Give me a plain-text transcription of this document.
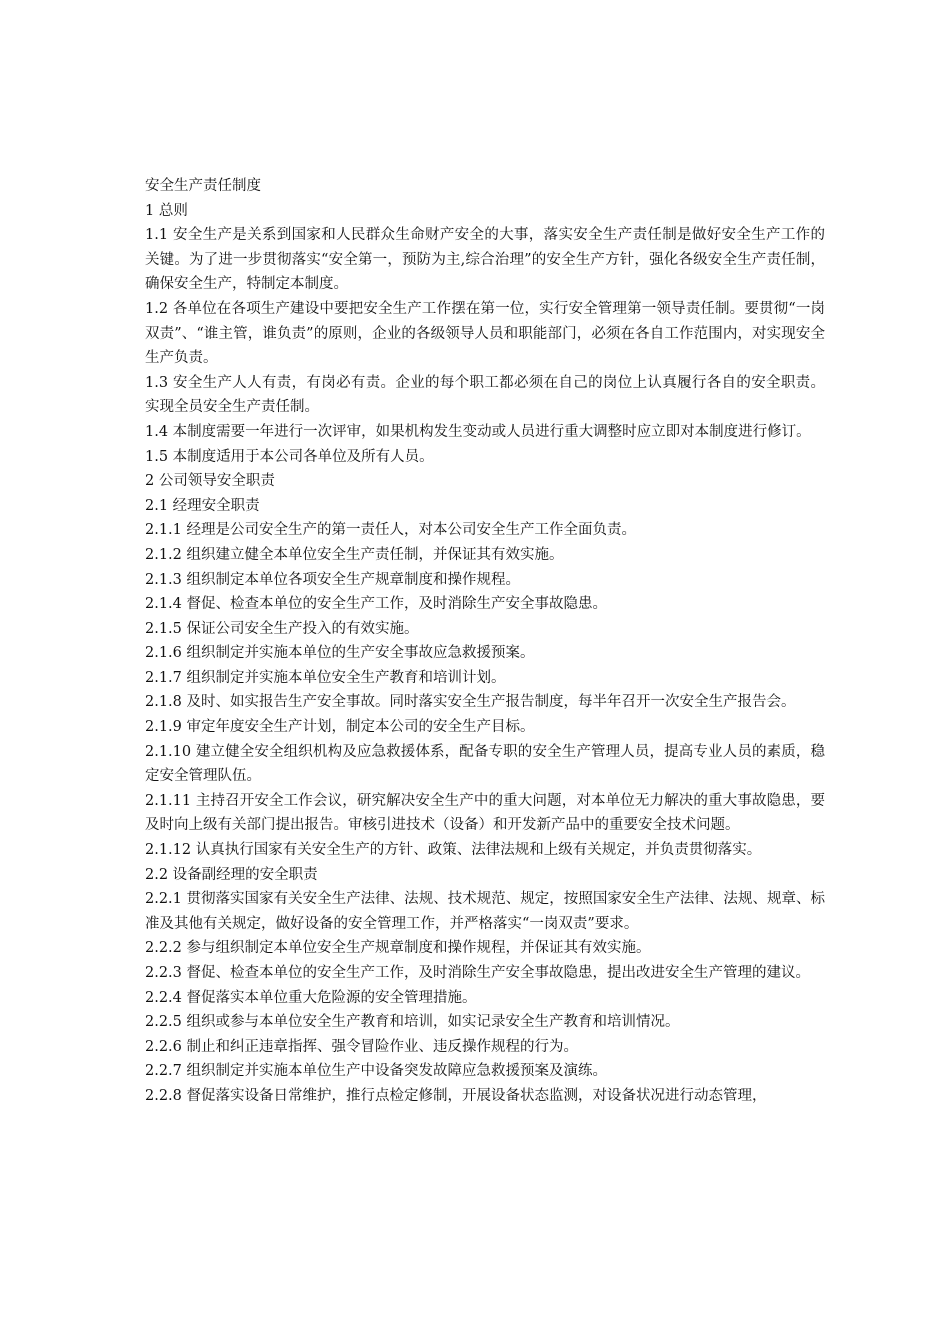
安全生产责任制度

1 总则

1.1 安全生产是关系到国家和人民群众生命财产安全的大事，落实安全生产责任制是做好安全生产工作的关键。为了进一步贯彻落实“安全第一，预防为主,综合治理”的安全生产方针，强化各级安全生产责任制，确保安全生产，特制定本制度。

1.2 各单位在各项生产建设中要把安全生产工作摆在第一位，实行安全管理第一领导责任制。要贯彻“一岗双责”、“谁主管，谁负责”的原则，企业的各级领导人员和职能部门，必须在各自工作范围内，对实现安全生产负责。

1.3 安全生产人人有责，有岗必有责。企业的每个职工都必须在自己的岗位上认真履行各自的安全职责。实现全员安全生产责任制。

1.4 本制度需要一年进行一次评审，如果机构发生变动或人员进行重大调整时应立即对本制度进行修订。

1.5 本制度适用于本公司各单位及所有人员。

2 公司领导安全职责

2.1 经理安全职责

2.1.1 经理是公司安全生产的第一责任人，对本公司安全生产工作全面负责。

2.1.2 组织建立健全本单位安全生产责任制，并保证其有效实施。

2.1.3 组织制定本单位各项安全生产规章制度和操作规程。

2.1.4 督促、检查本单位的安全生产工作，及时消除生产安全事故隐患。

2.1.5 保证公司安全生产投入的有效实施。

2.1.6 组织制定并实施本单位的生产安全事故应急救援预案。

2.1.7 组织制定并实施本单位安全生产教育和培训计划。

2.1.8 及时、如实报告生产安全事故。同时落实安全生产报告制度，每半年召开一次安全生产报告会。

2.1.9 审定年度安全生产计划，制定本公司的安全生产目标。

2.1.10 建立健全安全组织机构及应急救援体系，配备专职的安全生产管理人员，提高专业人员的素质，稳定安全管理队伍。

2.1.11 主持召开安全工作会议，研究解决安全生产中的重大问题，对本单位无力解决的重大事故隐患，要及时向上级有关部门提出报告。审核引进技术（设备）和开发新产品中的重要安全技术问题。

2.1.12 认真执行国家有关安全生产的方针、政策、法律法规和上级有关规定，并负责贯彻落实。

2.2 设备副经理的安全职责

2.2.1 贯彻落实国家有关安全生产法律、法规、技术规范、规定，按照国家安全生产法律、法规、规章、标准及其他有关规定，做好设备的安全管理工作，并严格落实“一岗双责”要求。

2.2.2 参与组织制定本单位安全生产规章制度和操作规程，并保证其有效实施。

2.2.3 督促、检查本单位的安全生产工作，及时消除生产安全事故隐患，提出改进安全生产管理的建议。

2.2.4 督促落实本单位重大危险源的安全管理措施。

2.2.5 组织或参与本单位安全生产教育和培训，如实记录安全生产教育和培训情况。

2.2.6 制止和纠正违章指挥、强令冒险作业、违反操作规程的行为。

2.2.7 组织制定并实施本单位生产中设备突发故障应急救援预案及演练。

2.2.8 督促落实设备日常维护，推行点检定修制，开展设备状态监测，对设备状况进行动态管理，
